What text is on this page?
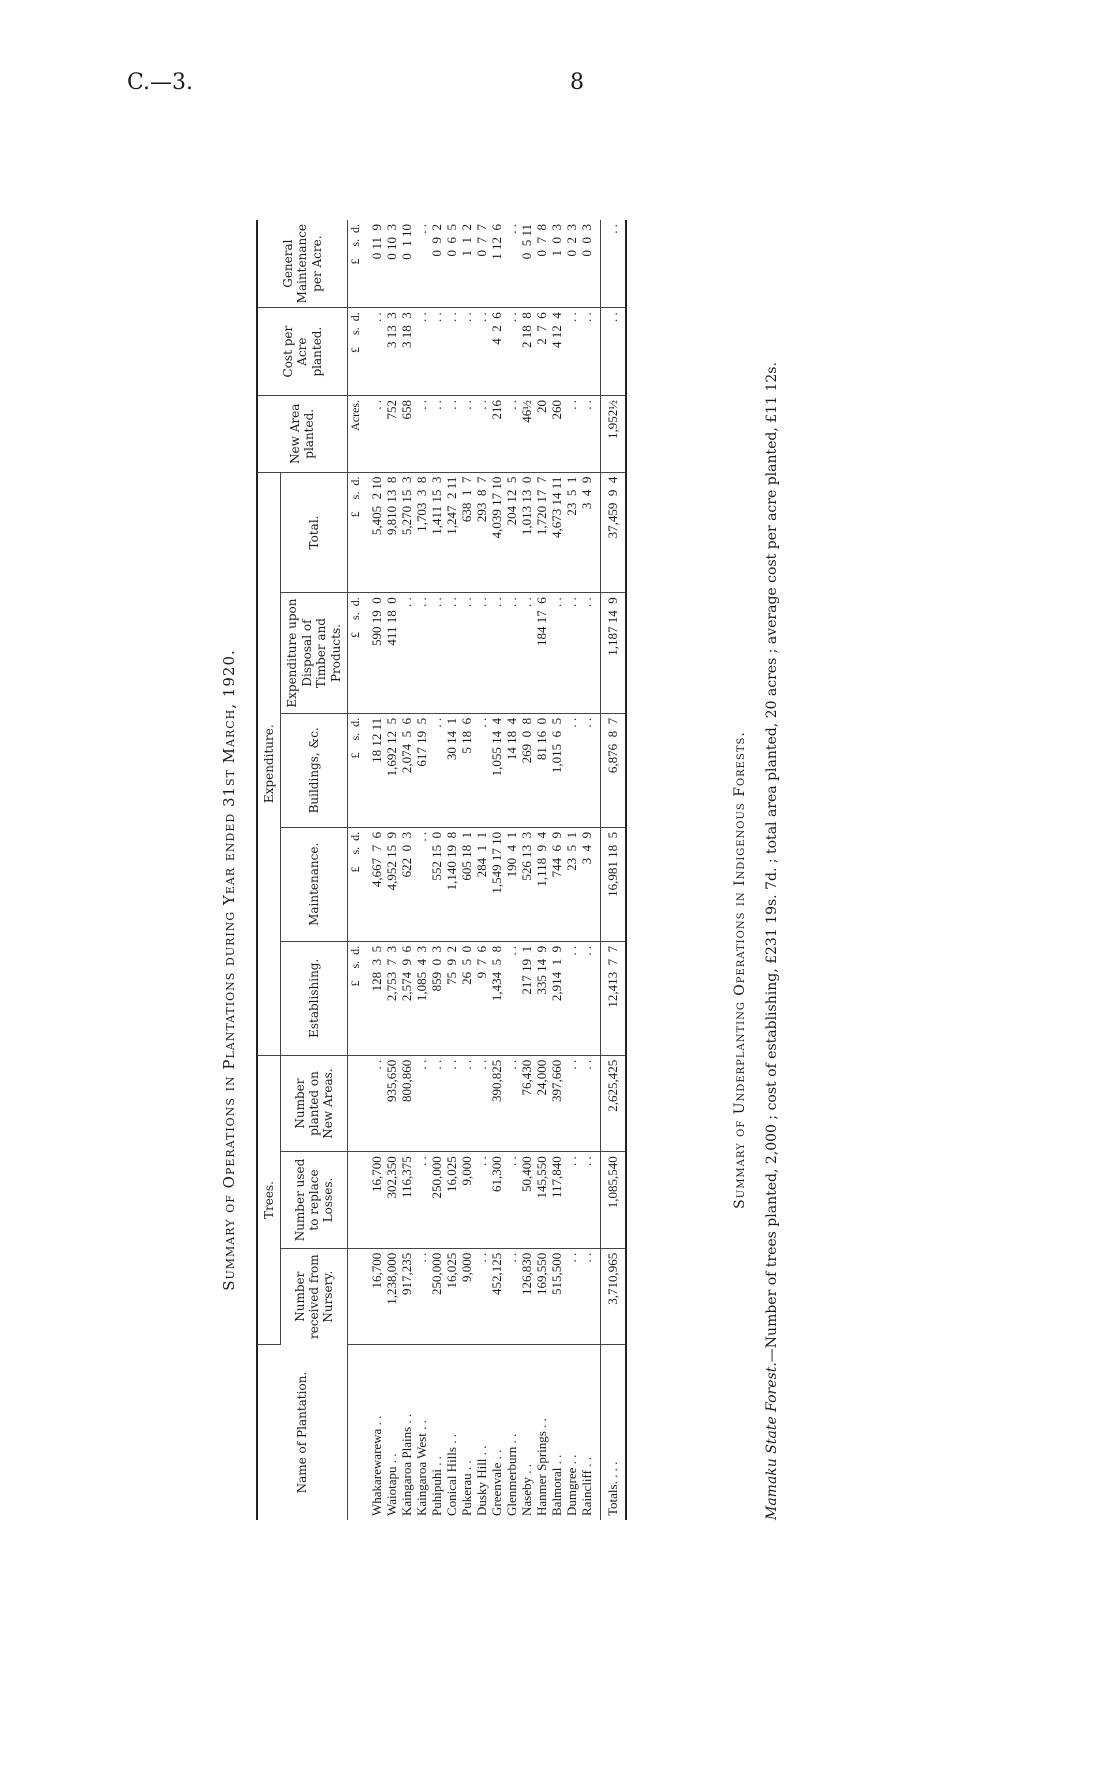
C.—3.	8
Summary of Operations in Plantations during Year ended 31st March, 1920.
Name of Plantation.	Trees.			Expenditure.					New Area planted.	Cost per Acre planted.	General Maintenance per Acre.
	Number received from Nursery.	Number used to replace Losses.	Number planted on New Areas.	Establishing.	Maintenance.	Buildings, &c.	Expenditure upon Disposal of Timber and Products.	Total.			
				£    s.  d.	£    s.  d.	£    s.  d.	£    s.  d.	£    s.  d.	Acres.	£    s.  d.	£    s.  d.
Whakarewarewa . .	16,700	16,700	. .	128  3  5	4,667  7  6	18 12 11	590 19  0	5,405  2 10	. .	. .	0 11  9
Waiotapu . .	1,238,000	302,350	935,650	2,753  7  3	4,952 15  9	1,692 12  5	411 18  0	9,810 13  8	752	3 13  3	0 10  3
Kaingaroa Plains . .	917,235	116,375	800,860	2,574  9  6	622  0  3	2,074  5  6	. .	5,270 15  3	658	3 18  3	0  1 10
Kaingaroa West . .	. .	. .	. .	1,085  4  3	. .	617 19  5	. .	1,703  3  8	. .	. .	. .
Puhipuhi . .	250,000	250,000	. .	859  0  3	552 15  0	. .	. .	1,411 15  3	. .	. .	0  9  2
Conical Hills . .	16,025	16,025	. .	75  9  2	1,140 19  8	30 14  1	. .	1,247  2 11	. .	. .	0  6  5
Pukerau . .	9,000	9,000	. .	26  5  0	605 18  1	5 18  6	. .	638  1  7	. .	. .	1  1  2
Dusky Hill . .	. .	. .	. .	9  7  6	284  1  1	. .	. .	293  8  7	. .	. .	0  7  7
Greenvale . .	452,125	61,300	390,825	1,434  5  8	1,549 17 10	1,055 14  4	. .	4,039 17 10	216	4  2  6	1 12  6
Glenmerburn . .	. .	. .	. .	. .	190  4  1	14 18  4	. .	204 12  5	. .	. .	. .
Naseby . .	126,830	50,400	76,430	217 19  1	526 13  3	269  0  8	. .	1,013 13  0	46½	2 18  8	0  5 11
Hanmer Springs . .	169,550	145,550	24,000	335 14  9	1,118  9  4	81 16  0	184 17  6	1,720 17  7	20	2  7  6	0  7  8
Balmoral . .	515,500	117,840	397,660	2,914  1  9	744  6  9	1,015  6  5	. .	4,673 14 11	260	4 12  4	1  0  3
Dumgree . .	. .	. .	. .	. .	23  5  1	. .	. .	23  5  1	. .	. .	0  2  3
Raincliff . .	. .	. .	. .	. .	3  4  9	. .	. .	3  4  9	. .	. .	0  0  3
Totals. . . .	3,710,965	1,085,540	2,625,425	12,413  7  7	16,981 18  5	6,876  8  7	1,187 14  9	37,459  9  4	1,952½	. .	. .
Summary of Underplanting Operations in Indigenous Forests.
Mamaku State Forest.—Number of trees planted, 2,000 ; cost of establishing, £231 19s. 7d. ; total area planted, 20 acres ; average cost per acre planted, £11 12s.
